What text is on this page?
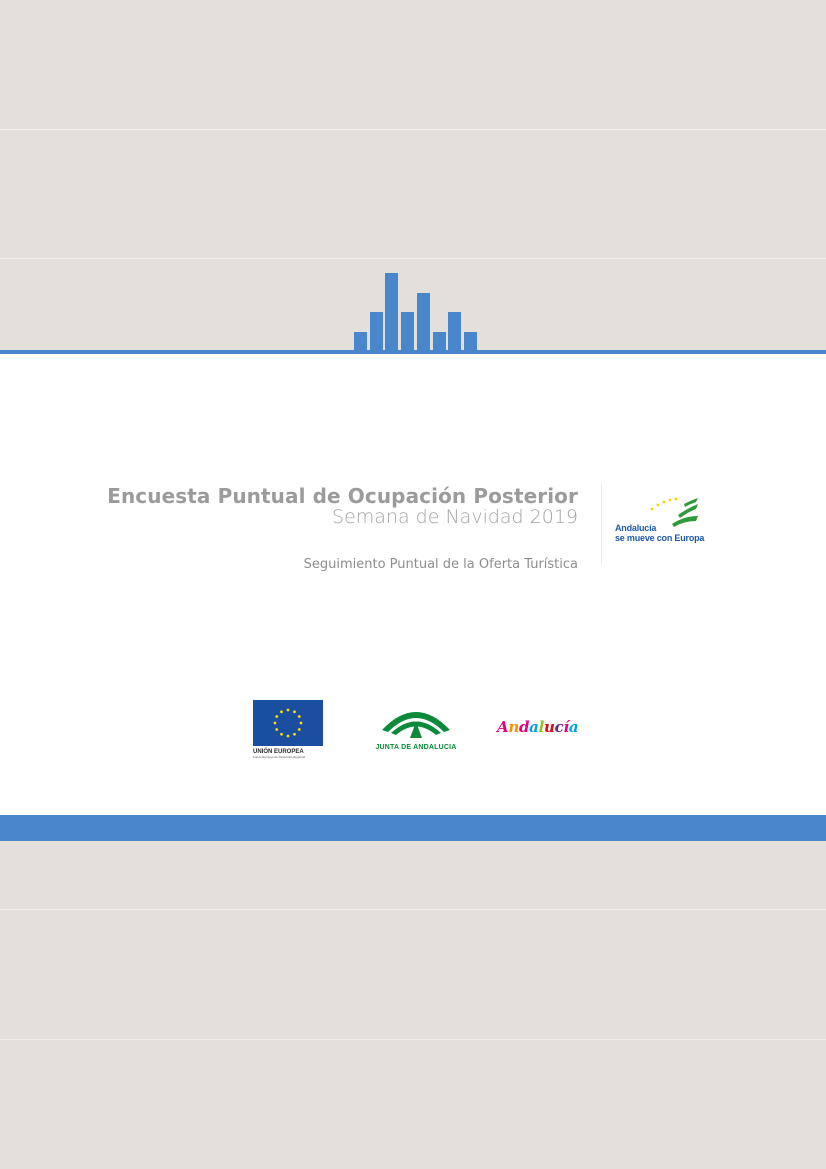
Encuesta Puntual de Ocupación Posterior
Semana de Navidad 2019
Seguimiento Puntual de la Oferta Turística
Andalucía
se mueve con Europa
UNIÓN EUROPEA
Fondo Europeo de Desarrollo Regional
JUNTA DE ANDALUCIA
Andalucía
